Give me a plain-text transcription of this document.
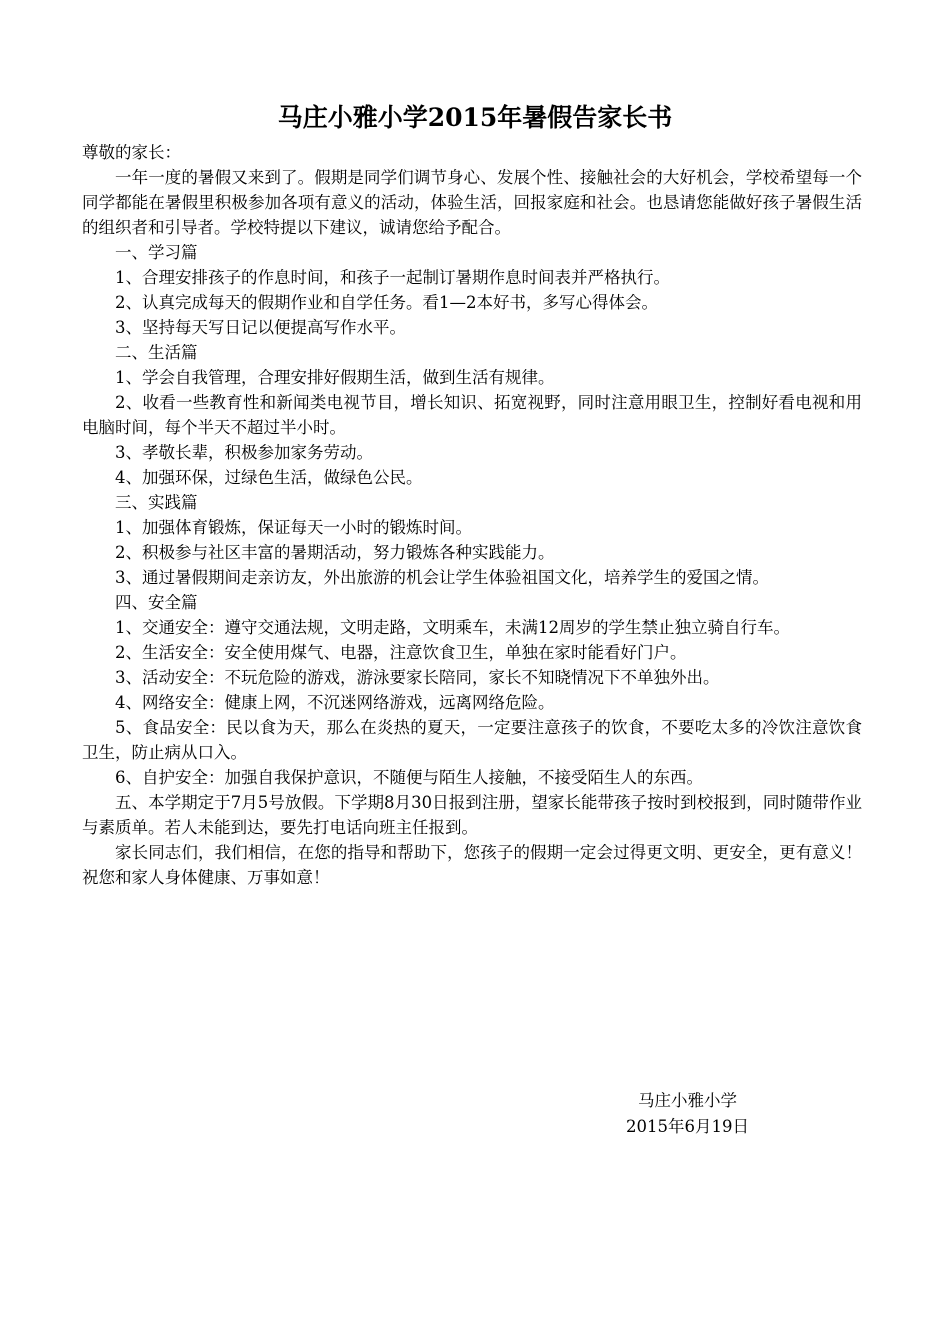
马庄小雅小学2015年暑假告家长书

尊敬的家长：

一年一度的暑假又来到了。假期是同学们调节身心、发展个性、接触社会的大好机会，学校希望每一个同学都能在暑假里积极参加各项有意义的活动，体验生活，回报家庭和社会。也恳请您能做好孩子暑假生活的组织者和引导者。学校特提以下建议，诚请您给予配合。

一、学习篇

1、合理安排孩子的作息时间，和孩子一起制订暑期作息时间表并严格执行。

2、认真完成每天的假期作业和自学任务。看1—2本好书，多写心得体会。

3、坚持每天写日记以便提高写作水平。

二、生活篇

1、学会自我管理，合理安排好假期生活，做到生活有规律。

2、收看一些教育性和新闻类电视节目，增长知识、拓宽视野，同时注意用眼卫生，控制好看电视和用电脑时间，每个半天不超过半小时。

3、孝敬长辈，积极参加家务劳动。

4、加强环保，过绿色生活，做绿色公民。

三、实践篇

1、加强体育锻炼，保证每天一小时的锻炼时间。

2、积极参与社区丰富的暑期活动，努力锻炼各种实践能力。

3、通过暑假期间走亲访友，外出旅游的机会让学生体验祖国文化，培养学生的爱国之情。

四、安全篇

1、交通安全：遵守交通法规，文明走路，文明乘车，未满12周岁的学生禁止独立骑自行车。

2、生活安全：安全使用煤气、电器，注意饮食卫生，单独在家时能看好门户。

3、活动安全：不玩危险的游戏，游泳要家长陪同，家长不知晓情况下不单独外出。

4、网络安全：健康上网，不沉迷网络游戏，远离网络危险。

5、食品安全：民以食为天，那么在炎热的夏天，一定要注意孩子的饮食，不要吃太多的冷饮注意饮食卫生，防止病从口入。

6、自护安全：加强自我保护意识，不随便与陌生人接触，不接受陌生人的东西。

五、本学期定于7月5号放假。下学期8月30日报到注册，望家长能带孩子按时到校报到，同时随带作业与素质单。若人未能到达，要先打电话向班主任报到。

家长同志们，我们相信，在您的指导和帮助下，您孩子的假期一定会过得更文明、更安全，更有意义！祝您和家人身体健康、万事如意！

马庄小雅小学
2015年6月19日
